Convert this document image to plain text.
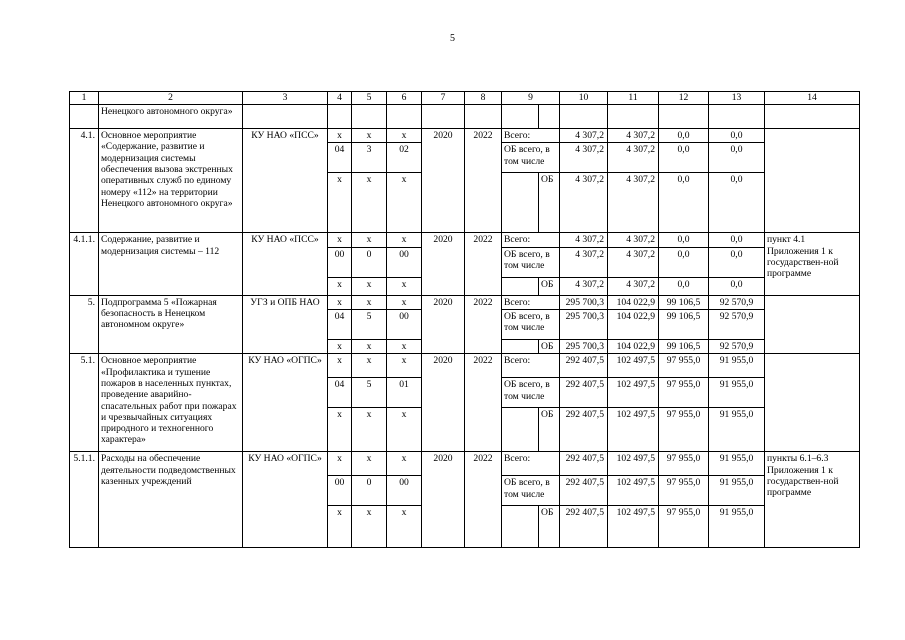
5
1	2	3	4	5	6	7	8	9		10	11	12	13	14
	Ненецкого автономного округа»													
4.1.	Основное мероприятие «Содержание, развитие и модернизация системы обеспечения вызова экстренных оперативных служб по единому номеру «112» на территории Ненецкого автономного округа»	КУ НАО «ПСС»	x	x	x	2020	2022	Всего:		4 307,2	4 307,2	0,0	0,0	
			04	3	02			ОБ всего, в том числе		4 307,2	4 307,2	0,0	0,0	
			x	x	x				ОБ	4 307,2	4 307,2	0,0	0,0	
4.1.1.	Содержание, развитие и модернизация системы – 112	КУ НАО «ПСС»	x	x	x	2020	2022	Всего:		4 307,2	4 307,2	0,0	0,0	пункт 4.1 Приложения 1 к государствен-ной программе
			00	0	00			ОБ всего, в том числе		4 307,2	4 307,2	0,0	0,0	
			x	x	x				ОБ	4 307,2	4 307,2	0,0	0,0	
5.	Подпрограмма 5 «Пожарная безопасность в Ненецком автономном округе»	УГЗ и ОПБ НАО	x	x	x	2020	2022	Всего:		295 700,3	104 022,9	99 106,5	92 570,9	
			04	5	00			ОБ всего, в том числе		295 700,3	104 022,9	99 106,5	92 570,9	
			x	x	x				ОБ	295 700,3	104 022,9	99 106,5	92 570,9	
5.1.	Основное мероприятие «Профилактика и тушение пожаров в населенных пунктах, проведение аварийно-спасательных работ при пожарах и чрезвычайных ситуациях природного и техногенного характера»	КУ НАО «ОГПС»	x	x	x	2020	2022	Всего:		292 407,5	102 497,5	97 955,0	91 955,0	
			04	5	01			ОБ всего, в том числе		292 407,5	102 497,5	97 955,0	91 955,0	
			x	x	x				ОБ	292 407,5	102 497,5	97 955,0	91 955,0	
5.1.1.	Расходы на обеспечение деятельности подведомственных казенных учреждений	КУ НАО «ОГПС»	x	x	x	2020	2022	Всего:		292 407,5	102 497,5	97 955,0	91 955,0	пункты 6.1–6.3 Приложения 1 к государствен-ной программе
			00	0	00			ОБ всего, в том числе		292 407,5	102 497,5	97 955,0	91 955,0	
			x	x	x				ОБ	292 407,5	102 497,5	97 955,0	91 955,0	
